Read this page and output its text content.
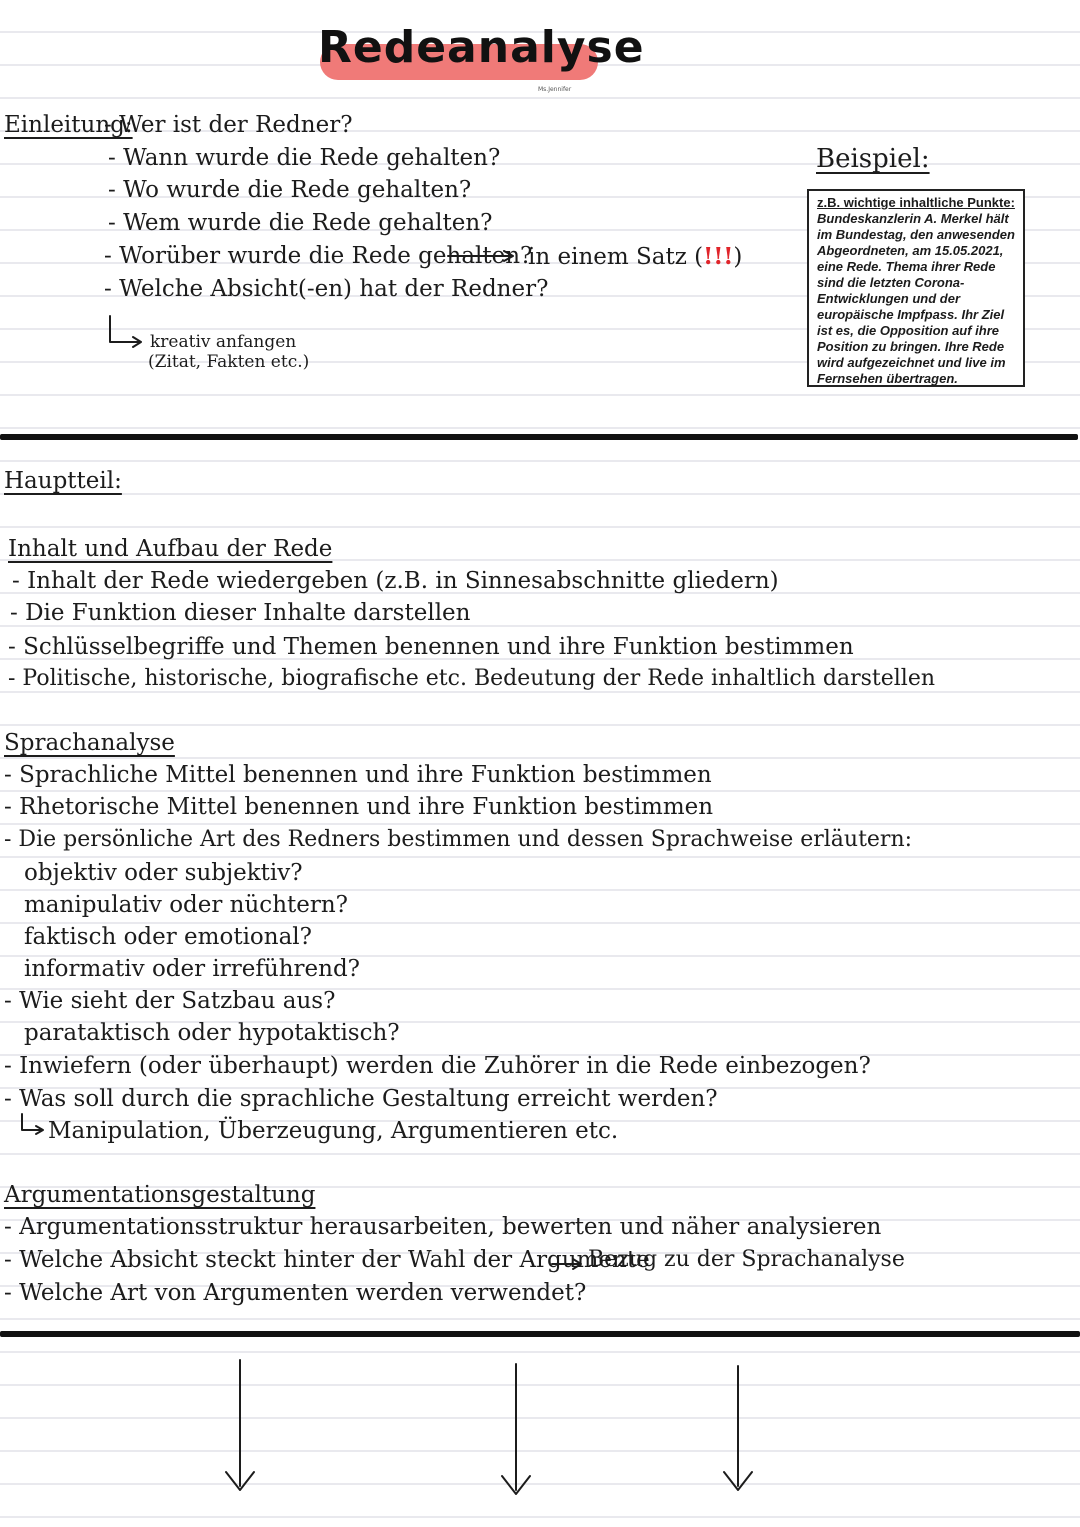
Redeanalyse
Ms.Jennifer
Einleitung:
- Wer ist der Redner?
- Wann wurde die Rede gehalten?
- Wo wurde die Rede gehalten?
- Wem wurde die Rede gehalten?
- Worüber wurde die Rede gehalten?
- Welche Absicht(-en) hat der Redner?
in einem Satz (!!!)
kreativ anfangen
(Zitat, Fakten etc.)
Beispiel:
z.B. wichtige inhaltliche Punkte:
Bundeskanzlerin A. Merkel hält im Bundestag, den anwesenden Abgeordneten, am 15.05.2021, eine Rede. Thema ihrer Rede sind die letzten Corona-Entwicklungen und der europäische Impfpass. Ihr Ziel ist es, die Opposition auf ihre Position zu bringen. Ihre Rede wird aufgezeichnet und live im Fernsehen übertragen.
Hauptteil:
Inhalt und Aufbau der Rede
- Inhalt der Rede wiedergeben (z.B. in Sinnesabschnitte gliedern)
- Die Funktion dieser Inhalte darstellen
- Schlüsselbegriffe und Themen benennen und ihre Funktion bestimmen
- Politische, historische, biografische etc. Bedeutung der Rede inhaltlich darstellen
Sprachanalyse
- Sprachliche Mittel benennen und ihre Funktion bestimmen
- Rhetorische Mittel benennen und ihre Funktion bestimmen
- Die persönliche Art des Redners bestimmen und dessen Sprachweise erläutern:
objektiv oder subjektiv?
manipulativ oder nüchtern?
faktisch oder emotional?
informativ oder irreführend?
- Wie sieht der Satzbau aus?
parataktisch oder hypotaktisch?
- Inwiefern (oder überhaupt) werden die Zuhörer in die Rede einbezogen?
- Was soll durch die sprachliche Gestaltung erreicht werden?
Manipulation, Überzeugung, Argumentieren etc.
Argumentationsgestaltung
- Argumentationsstruktur herausarbeiten, bewerten und näher analysieren
- Welche Absicht steckt hinter der Wahl der Argumente
Bezug zu der Sprachanalyse
- Welche Art von Argumenten werden verwendet?
